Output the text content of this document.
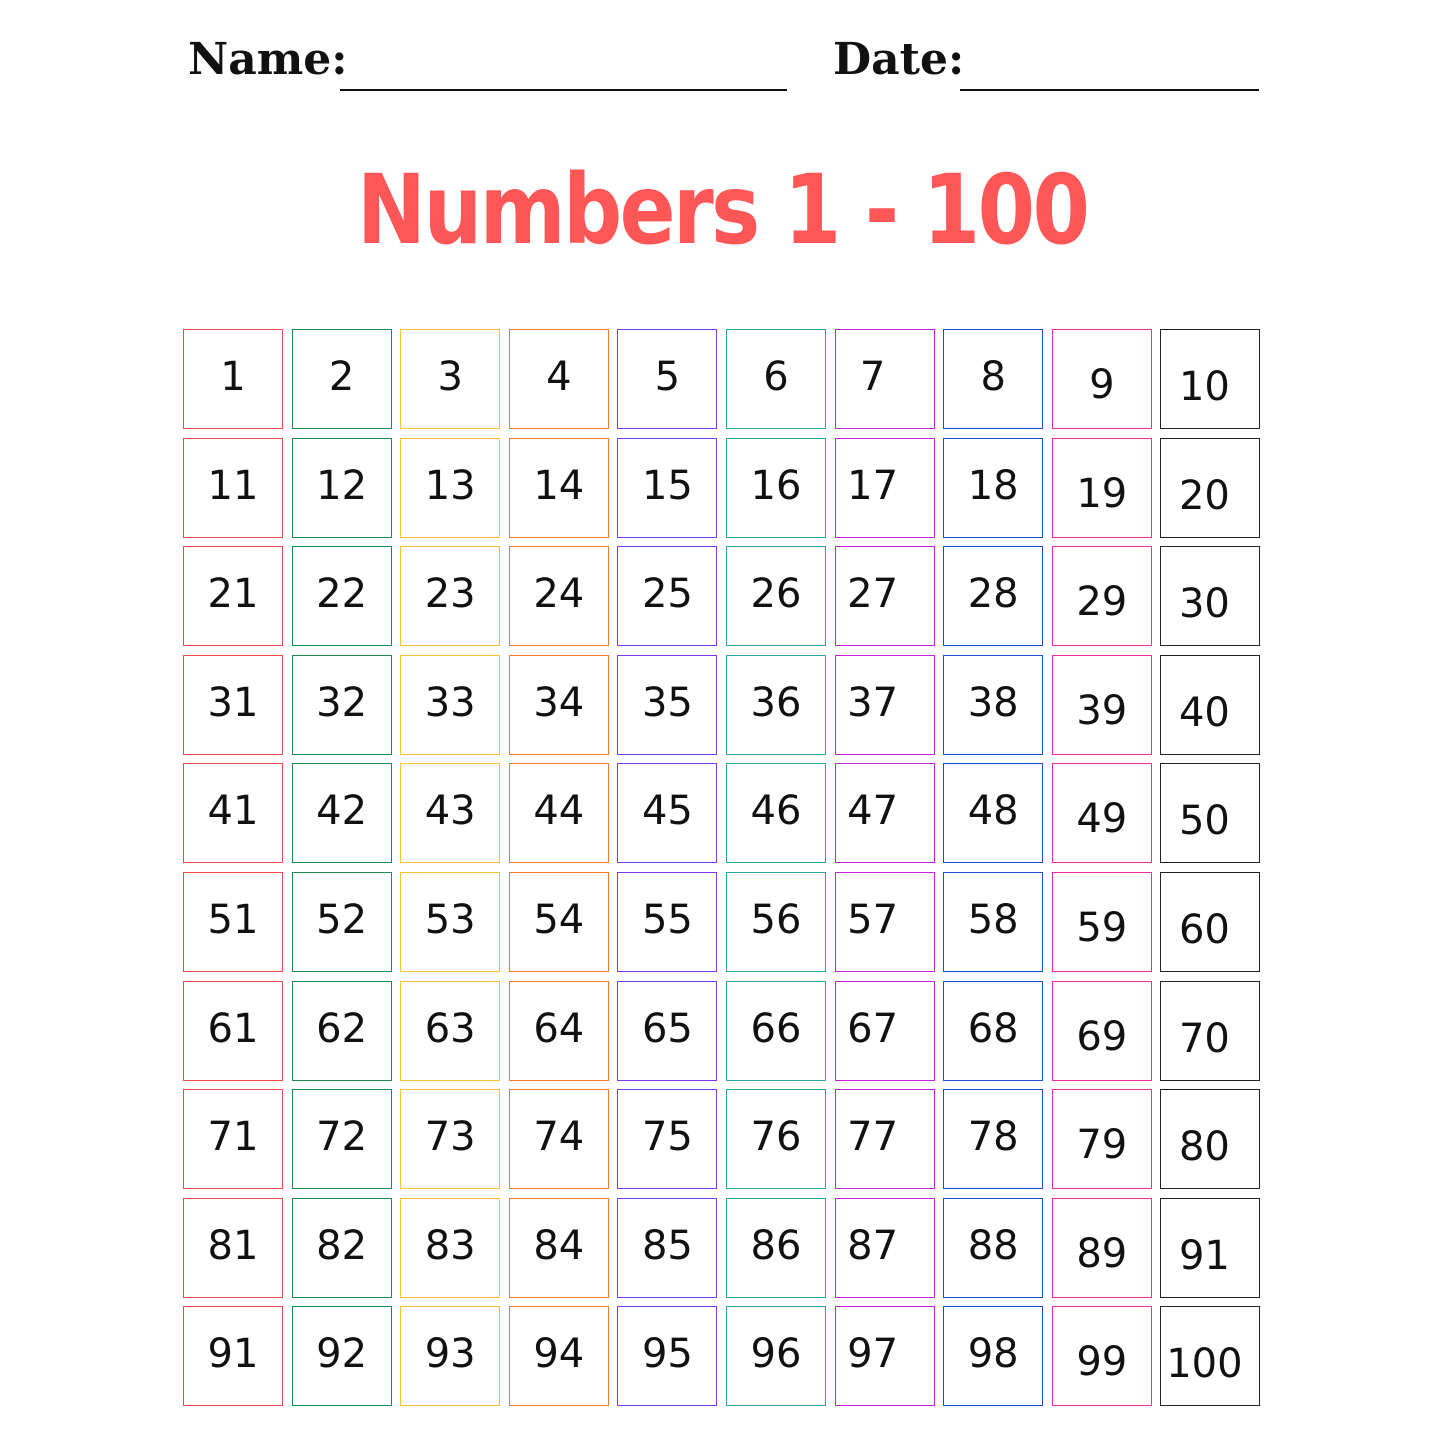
Name:	Date:
Numbers 1 - 100
1	2	3	4	5	6	7	8	9	10
11	12	13	14	15	16	17	18	19	20
21	22	23	24	25	26	27	28	29	30
31	32	33	34	35	36	37	38	39	40
41	42	43	44	45	46	47	48	49	50
51	52	53	54	55	56	57	58	59	60
61	62	63	64	65	66	67	68	69	70
71	72	73	74	75	76	77	78	79	80
81	82	83	84	85	86	87	88	89	91
91	92	93	94	95	96	97	98	99 100
